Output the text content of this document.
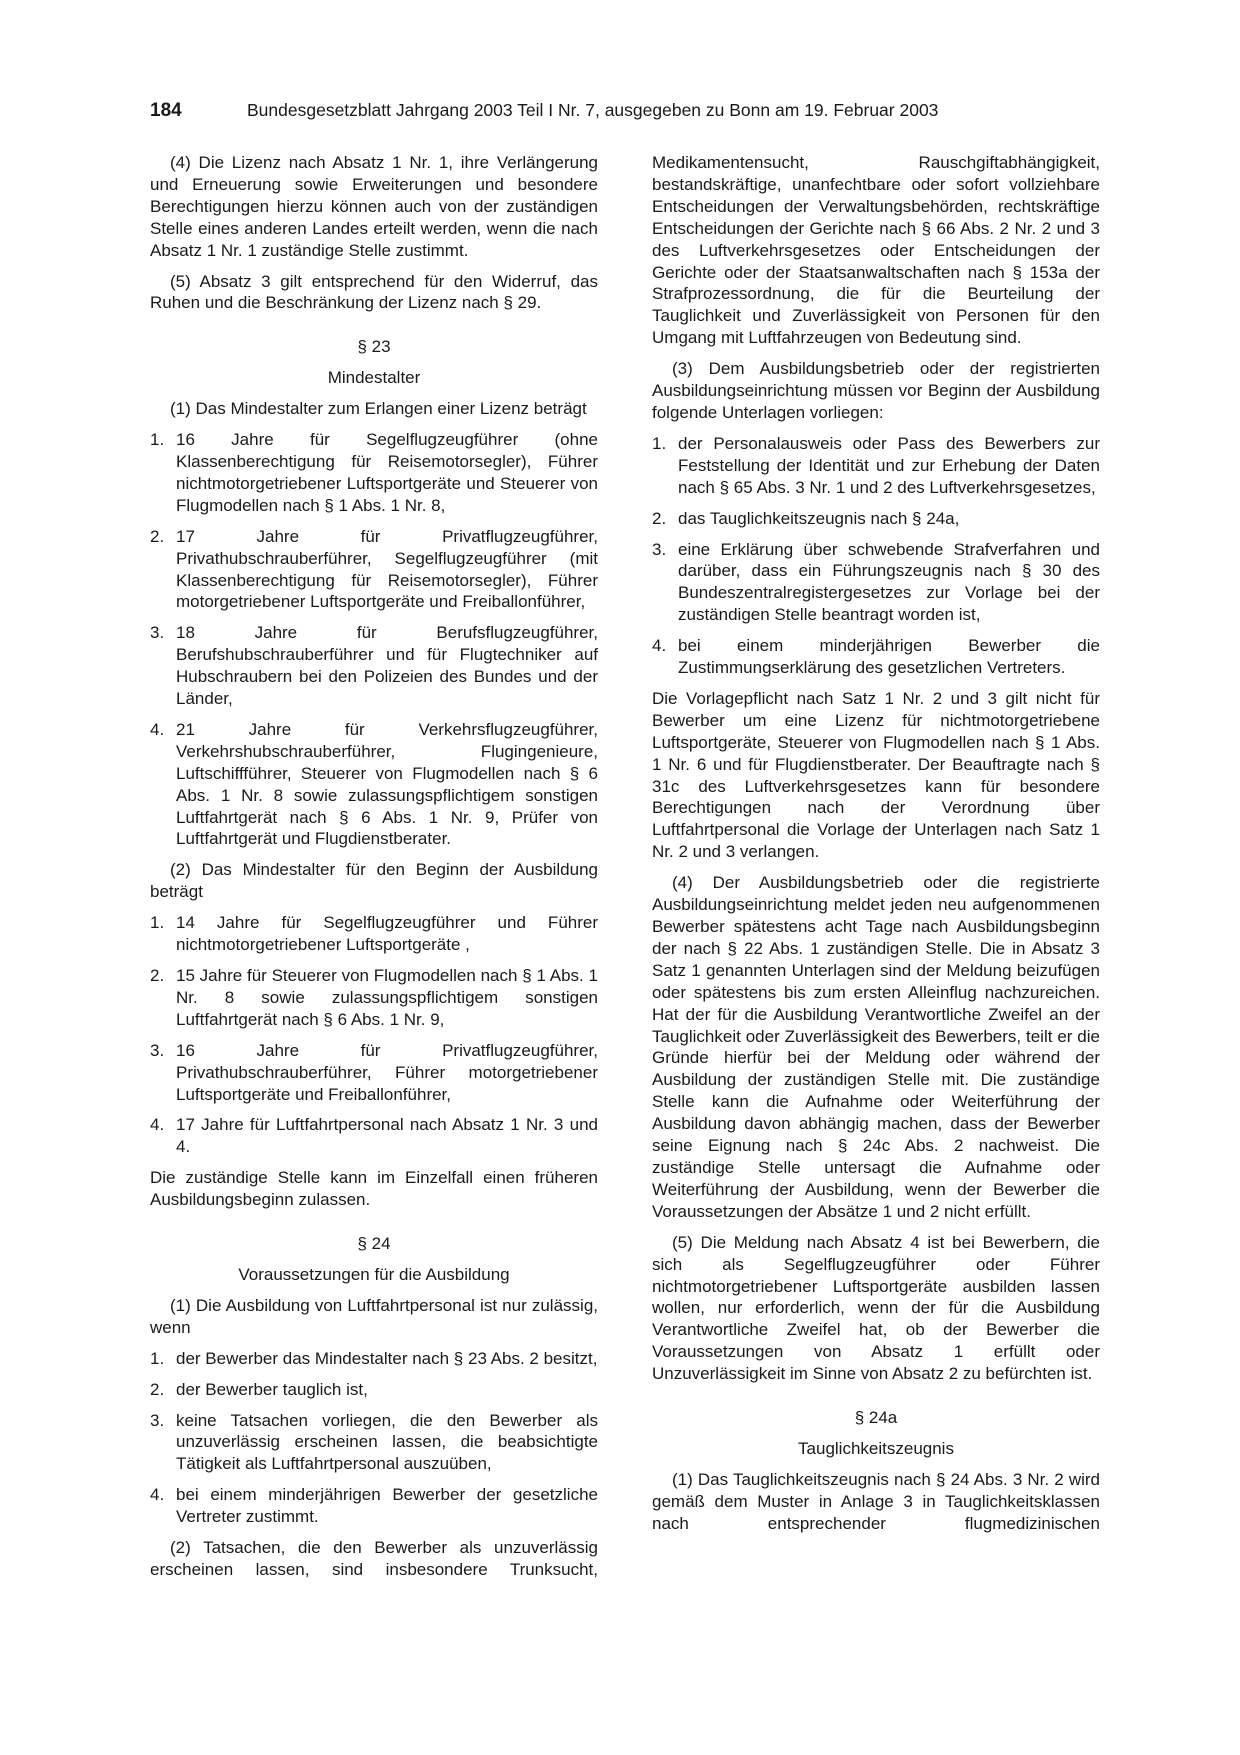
184	Bundesgesetzblatt Jahrgang 2003 Teil I Nr. 7, ausgegeben zu Bonn am 19. Februar 2003

(4) Die Lizenz nach Absatz 1 Nr. 1, ihre Verlängerung und Erneuerung sowie Erweiterungen und besondere Berechtigungen hierzu können auch von der zuständigen Stelle eines anderen Landes erteilt werden, wenn die nach Absatz 1 Nr. 1 zuständige Stelle zustimmt.

(5) Absatz 3 gilt entsprechend für den Widerruf, das Ruhen und die Beschränkung der Lizenz nach § 29.

§ 23
Mindestalter

(1) Das Mindestalter zum Erlangen einer Lizenz beträgt

1. 16 Jahre für Segelflugzeugführer (ohne Klassenberechtigung für Reisemotorsegler), Führer nichtmotorgetriebener Luftsportgeräte und Steuerer von Flugmodellen nach § 1 Abs. 1 Nr. 8,
2. 17 Jahre für Privatflugzeugführer, Privathubschrauberführer, Segelflugzeugführer (mit Klassenberechtigung für Reisemotorsegler), Führer motorgetriebener Luftsportgeräte und Freiballonführer,
3. 18 Jahre für Berufsflugzeugführer, Berufshubschrauberführer und für Flugtechniker auf Hubschraubern bei den Polizeien des Bundes und der Länder,
4. 21 Jahre für Verkehrsflugzeugführer, Verkehrshubschrauberführer, Flugingenieure, Luftschiffführer, Steuerer von Flugmodellen nach § 6 Abs. 1 Nr. 8 sowie zulassungspflichtigem sonstigen Luftfahrtgerät nach § 6 Abs. 1 Nr. 9, Prüfer von Luftfahrtgerät und Flugdienstberater.

(2) Das Mindestalter für den Beginn der Ausbildung beträgt

1. 14 Jahre für Segelflugzeugführer und Führer nichtmotorgetriebener Luftsportgeräte ,
2. 15 Jahre für Steuerer von Flugmodellen nach § 1 Abs. 1 Nr. 8 sowie zulassungspflichtigem sonstigen Luftfahrtgerät nach § 6 Abs. 1 Nr. 9,
3. 16 Jahre für Privatflugzeugführer, Privathubschrauberführer, Führer motorgetriebener Luftsportgeräte und Freiballonführer,
4. 17 Jahre für Luftfahrtpersonal nach Absatz 1 Nr. 3 und 4.

Die zuständige Stelle kann im Einzelfall einen früheren Ausbildungsbeginn zulassen.

§ 24
Voraussetzungen für die Ausbildung

(1) Die Ausbildung von Luftfahrtpersonal ist nur zulässig, wenn

1. der Bewerber das Mindestalter nach § 23 Abs. 2 besitzt,
2. der Bewerber tauglich ist,
3. keine Tatsachen vorliegen, die den Bewerber als unzuverlässig erscheinen lassen, die beabsichtigte Tätigkeit als Luftfahrtpersonal auszuüben,
4. bei einem minderjährigen Bewerber der gesetzliche Vertreter zustimmt.

(2) Tatsachen, die den Bewerber als unzuverlässig erscheinen lassen, sind insbesondere Trunksucht,

Medikamentensucht, Rauschgiftabhängigkeit, bestandskräftige, unanfechtbare oder sofort vollziehbare Entscheidungen der Verwaltungsbehörden, rechtskräftige Entscheidungen der Gerichte nach § 66 Abs. 2 Nr. 2 und 3 des Luftverkehrsgesetzes oder Entscheidungen der Gerichte oder der Staatsanwaltschaften nach § 153a der Strafprozessordnung, die für die Beurteilung der Tauglichkeit und Zuverlässigkeit von Personen für den Umgang mit Luftfahrzeugen von Bedeutung sind.

(3) Dem Ausbildungsbetrieb oder der registrierten Ausbildungseinrichtung müssen vor Beginn der Ausbildung folgende Unterlagen vorliegen:

1. der Personalausweis oder Pass des Bewerbers zur Feststellung der Identität und zur Erhebung der Daten nach § 65 Abs. 3 Nr. 1 und 2 des Luftverkehrsgesetzes,
2. das Tauglichkeitszeugnis nach § 24a,
3. eine Erklärung über schwebende Strafverfahren und darüber, dass ein Führungszeugnis nach § 30 des Bundeszentralregistergesetzes zur Vorlage bei der zuständigen Stelle beantragt worden ist,
4. bei einem minderjährigen Bewerber die Zustimmungserklärung des gesetzlichen Vertreters.

Die Vorlagepflicht nach Satz 1 Nr. 2 und 3 gilt nicht für Bewerber um eine Lizenz für nichtmotorgetriebene Luftsportgeräte, Steuerer von Flugmodellen nach § 1 Abs. 1 Nr. 6 und für Flugdienstberater. Der Beauftragte nach § 31c des Luftverkehrsgesetzes kann für besondere Berechtigungen nach der Verordnung über Luftfahrtpersonal die Vorlage der Unterlagen nach Satz 1 Nr. 2 und 3 verlangen.

(4) Der Ausbildungsbetrieb oder die registrierte Ausbildungseinrichtung meldet jeden neu aufgenommenen Bewerber spätestens acht Tage nach Ausbildungsbeginn der nach § 22 Abs. 1 zuständigen Stelle. Die in Absatz 3 Satz 1 genannten Unterlagen sind der Meldung beizufügen oder spätestens bis zum ersten Alleinflug nachzureichen. Hat der für die Ausbildung Verantwortliche Zweifel an der Tauglichkeit oder Zuverlässigkeit des Bewerbers, teilt er die Gründe hierfür bei der Meldung oder während der Ausbildung der zuständigen Stelle mit. Die zuständige Stelle kann die Aufnahme oder Weiterführung der Ausbildung davon abhängig machen, dass der Bewerber seine Eignung nach § 24c Abs. 2 nachweist. Die zuständige Stelle untersagt die Aufnahme oder Weiterführung der Ausbildung, wenn der Bewerber die Voraussetzungen der Absätze 1 und 2 nicht erfüllt.

(5) Die Meldung nach Absatz 4 ist bei Bewerbern, die sich als Segelflugzeugführer oder Führer nichtmotorgetriebener Luftsportgeräte ausbilden lassen wollen, nur erforderlich, wenn der für die Ausbildung Verantwortliche Zweifel hat, ob der Bewerber die Voraussetzungen von Absatz 1 erfüllt oder Unzuverlässigkeit im Sinne von Absatz 2 zu befürchten ist.

§ 24a
Tauglichkeitszeugnis

(1) Das Tauglichkeitszeugnis nach § 24 Abs. 3 Nr. 2 wird gemäß dem Muster in Anlage 3 in Tauglichkeitsklassen nach entsprechender flugmedizinischen
